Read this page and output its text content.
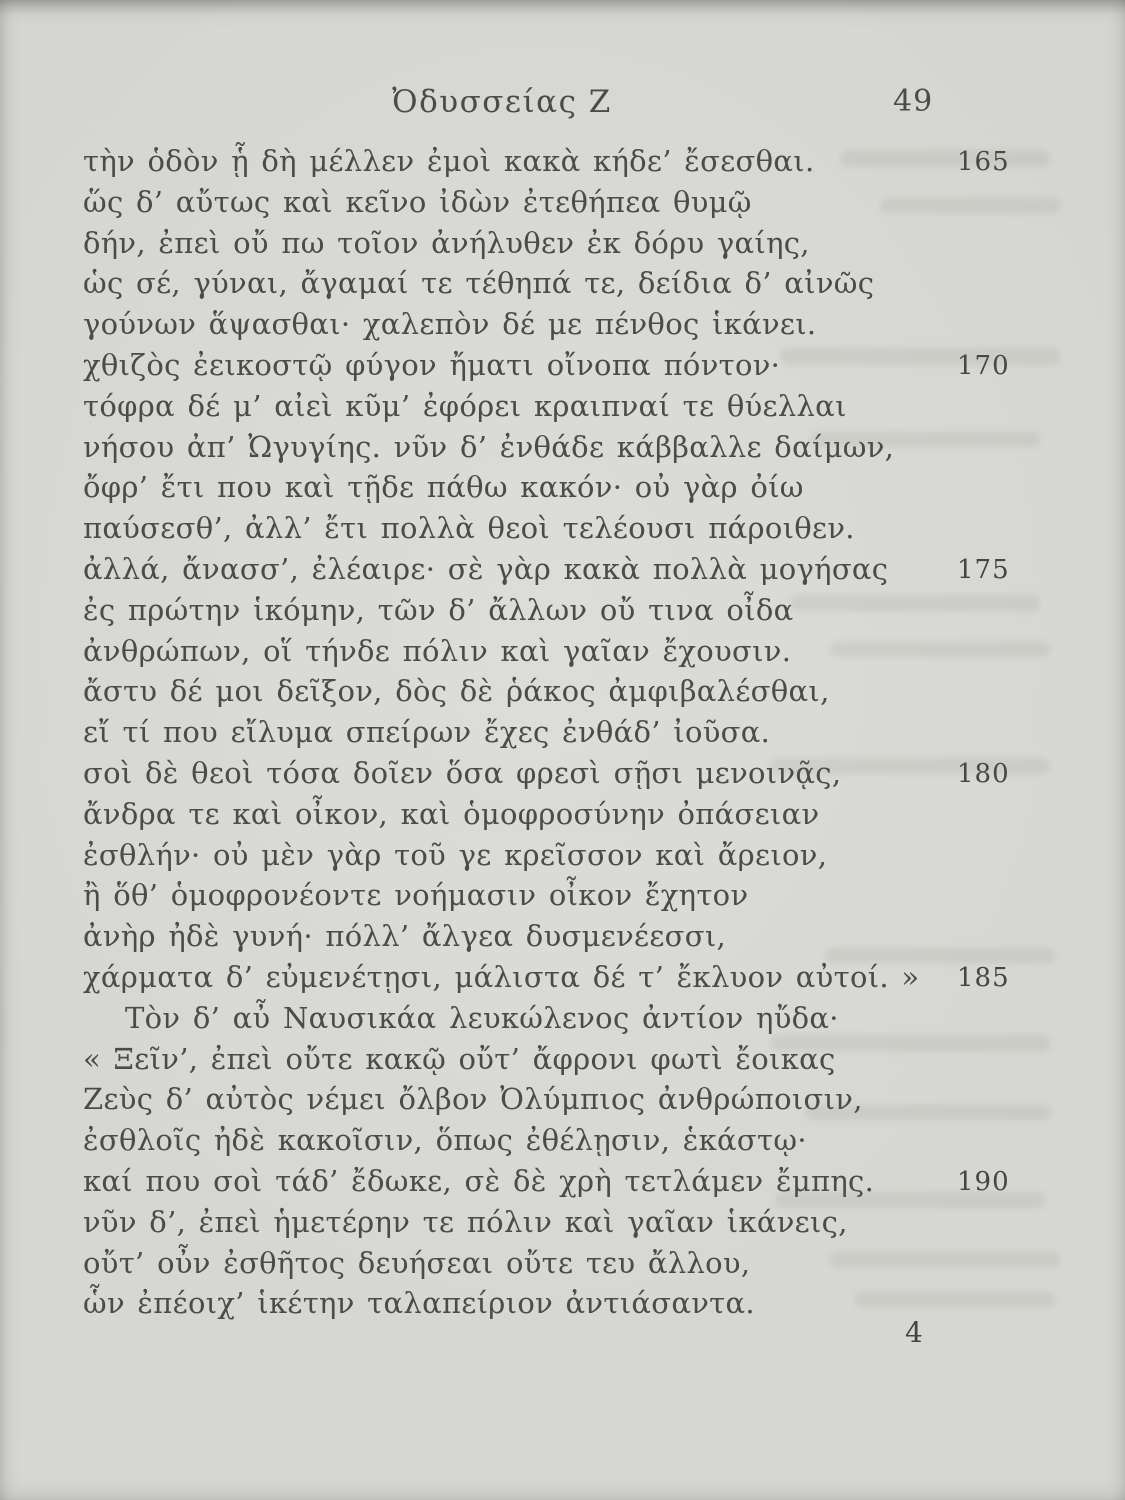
Ὀδυσσείας Ζ	49
τὴν ὁδὸν ᾗ δὴ μέλλεν ἐμοὶ κακὰ κήδε’ ἔσεσθαι.	165
ὥς δ’ αὔτως καὶ κεῖνο ἰδὼν ἐτεθήπεα θυμῷ
δήν, ἐπεὶ οὔ πω τοῖον ἀνήλυθεν ἐκ δόρυ γαίης,
ὡς σέ, γύναι, ἄγαμαί τε τέθηπά τε, δείδια δ’ αἰνῶς
γούνων ἅψασθαι· χαλεπὸν δέ με πένθος ἱκάνει.
χθιζὸς ἐεικοστῷ φύγον ἤματι οἴνοπα πόντον·	170
τόφρα δέ μ’ αἰεὶ κῦμ’ ἐφόρει κραιπναί τε θύελλαι
νήσου ἀπ’ Ὠγυγίης. νῦν δ’ ἐνθάδε κάββαλλε δαίμων,
ὄφρ’ ἔτι που καὶ τῇδε πάθω κακόν· οὐ γὰρ ὀίω
παύσεσθ’, ἀλλ’ ἔτι πολλὰ θεοὶ τελέουσι πάροιθεν.
ἀλλά, ἄνασσ’, ἐλέαιρε· σὲ γὰρ κακὰ πολλὰ μογήσας	175
ἐς πρώτην ἱκόμην, τῶν δ’ ἄλλων οὔ τινα οἶδα
ἀνθρώπων, οἵ τήνδε πόλιν καὶ γαῖαν ἔχουσιν.
ἄστυ δέ μοι δεῖξον, δὸς δὲ ῥάκος ἀμφιβαλέσθαι,
εἴ τί που εἴλυμα σπείρων ἔχες ἐνθάδ’ ἰοῦσα.
σοὶ δὲ θεοὶ τόσα δοῖεν ὅσα φρεσὶ σῇσι μενοινᾷς,	180
ἄνδρα τε καὶ οἶκον, καὶ ὁμοφροσύνην ὀπάσειαν
ἐσθλήν· οὐ μὲν γὰρ τοῦ γε κρεῖσσον καὶ ἄρειον,
ἢ ὅθ’ ὁμοφρονέοντε νοήμασιν οἶκον ἔχητον
ἀνὴρ ἠδὲ γυνή· πόλλ’ ἄλγεα δυσμενέεσσι,
χάρματα δ’ εὐμενέτῃσι, μάλιστα δέ τ’ ἔκλυον αὐτοί. » 185
Τὸν δ’ αὖ Ναυσικάα λευκώλενος ἀντίον ηὔδα·
« Ξεῖν’, ἐπεὶ οὔτε κακῷ οὔτ’ ἄφρονι φωτὶ ἔοικας
Ζεὺς δ’ αὐτὸς νέμει ὄλβον Ὀλύμπιος ἀνθρώποισιν,
ἐσθλοῖς ἠδὲ κακοῖσιν, ὅπως ἐθέλῃσιν, ἑκάστῳ·
καί που σοὶ τάδ’ ἔδωκε, σὲ δὲ χρὴ τετλάμεν ἔμπης.	190
νῦν δ’, ἐπεὶ ἡμετέρην τε πόλιν καὶ γαῖαν ἱκάνεις,
οὔτ’ οὖν ἐσθῆτος δευήσεαι οὔτε τευ ἄλλου,
ὧν ἐπέοιχ’ ἱκέτην ταλαπείριον ἀντιάσαντα.
4
